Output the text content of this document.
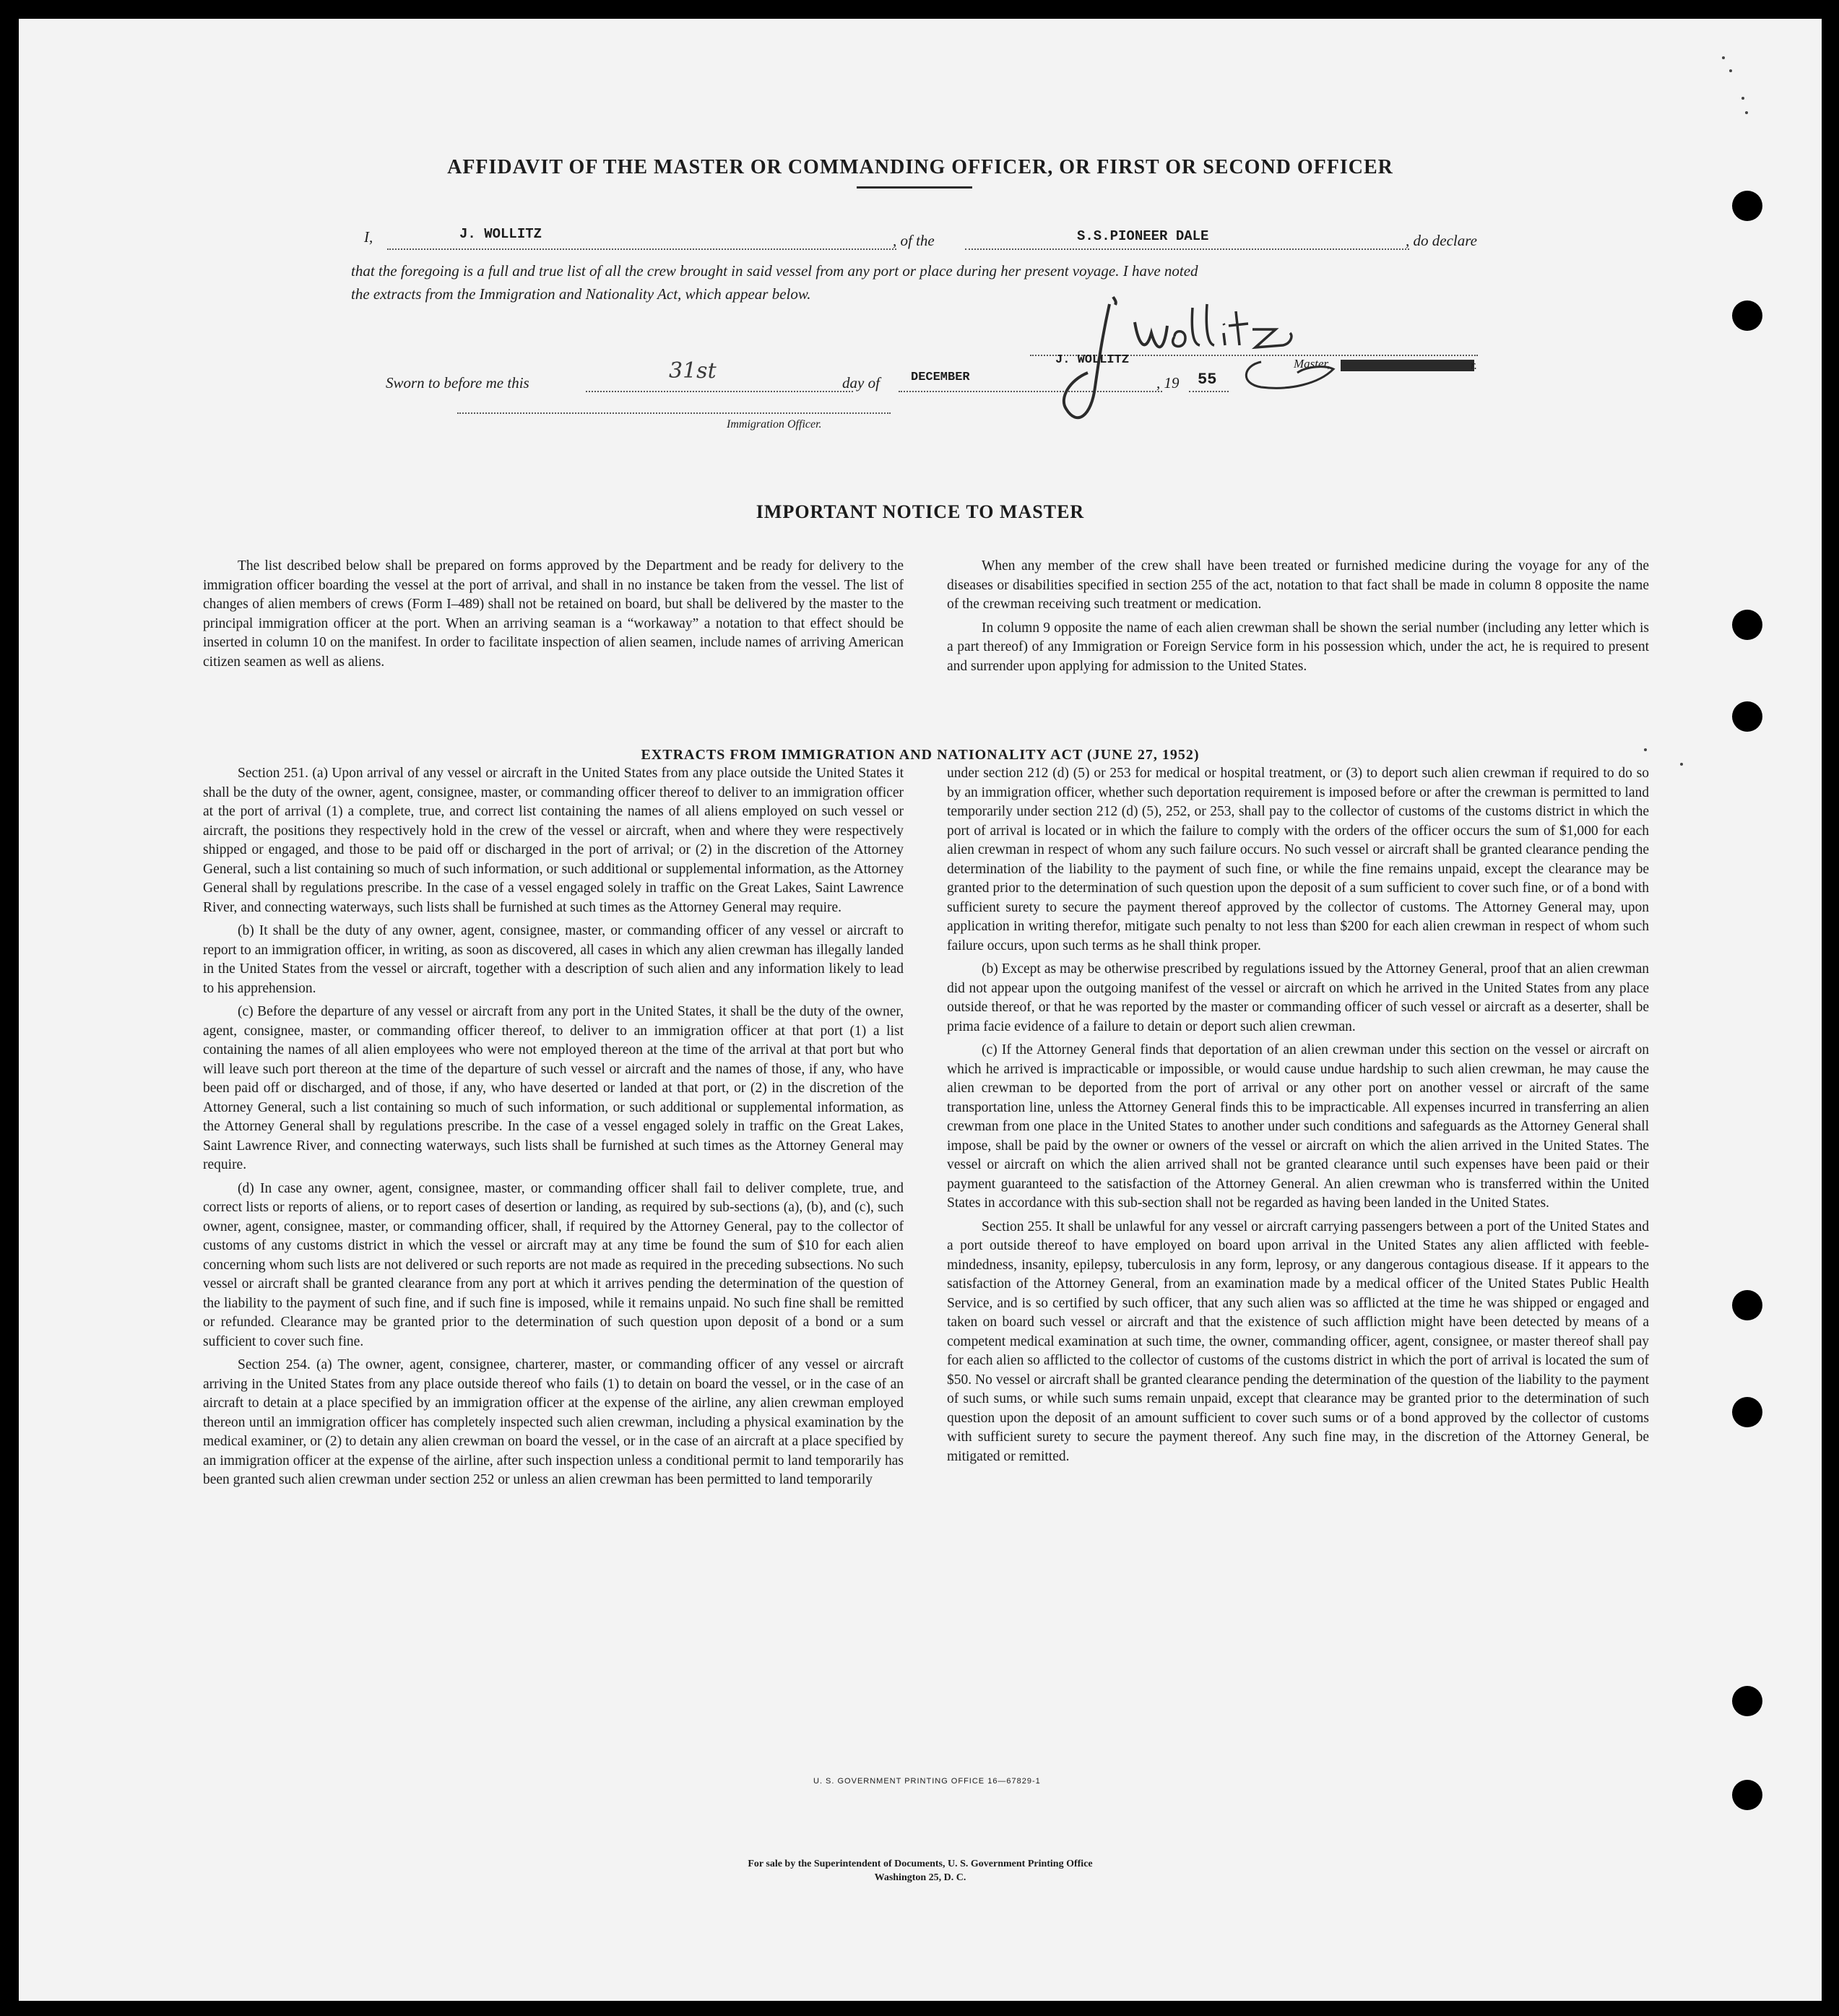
AFFIDAVIT OF THE MASTER OR COMMANDING OFFICER, OR FIRST OR SECOND OFFICER
I,	J. WOLLITZ	, of the	S.S.PIONEER DALE	, do declare
that the foregoing is a full and true list of all the crew brought in said vessel from any port or place during her present voyage. I have noted
the extracts from the Immigration and Nationality Act, which appear below.
Sworn to before me this	31st	day of	DECEMBER	, 19 55
J. WOLLITZ	Master,	r.
Immigration Officer.
IMPORTANT NOTICE TO MASTER

The list described below shall be prepared on forms approved by the Department and be ready for delivery to the immigration officer boarding the vessel at the port of arrival, and shall in no instance be taken from the vessel. The list of changes of alien members of crews (Form I–489) shall not be retained on board, but shall be delivered by the master to the principal immigration officer at the port. When an arriving seaman is a “workaway” a notation to that effect should be inserted in column 10 on the manifest. In order to facilitate inspection of alien seamen, include names of arriving American citizen seamen as well as aliens.

When any member of the crew shall have been treated or furnished medicine during the voyage for any of the diseases or disabilities specified in section 255 of the act, notation to that fact shall be made in column 8 opposite the name of the crewman receiving such treatment or medication.

In column 9 opposite the name of each alien crewman shall be shown the serial number (including any letter which is a part thereof) of any Immigration or Foreign Service form in his possession which, under the act, he is required to present and surrender upon applying for admission to the United States.

EXTRACTS FROM IMMIGRATION AND NATIONALITY ACT (JUNE 27, 1952)

Section 251. (a) Upon arrival of any vessel or aircraft in the United States from any place outside the United States it shall be the duty of the owner, agent, consignee, master, or commanding officer thereof to deliver to an immigration officer at the port of arrival (1) a complete, true, and correct list containing the names of all aliens employed on such vessel or aircraft, the positions they respectively hold in the crew of the vessel or aircraft, when and where they were respectively shipped or engaged, and those to be paid off or discharged in the port of arrival; or (2) in the discretion of the Attorney General, such a list containing so much of such information, or such additional or supplemental information, as the Attorney General shall by regulations prescribe. In the case of a vessel engaged solely in traffic on the Great Lakes, Saint Lawrence River, and connecting waterways, such lists shall be furnished at such times as the Attorney General may require.

(b) It shall be the duty of any owner, agent, consignee, master, or commanding officer of any vessel or aircraft to report to an immigration officer, in writing, as soon as discovered, all cases in which any alien crewman has illegally landed in the United States from the vessel or aircraft, together with a description of such alien and any information likely to lead to his apprehension.

(c) Before the departure of any vessel or aircraft from any port in the United States, it shall be the duty of the owner, agent, consignee, master, or commanding officer thereof, to deliver to an immigration officer at that port (1) a list containing the names of all alien employees who were not employed thereon at the time of the arrival at that port but who will leave such port thereon at the time of the departure of such vessel or aircraft and the names of those, if any, who have been paid off or discharged, and of those, if any, who have deserted or landed at that port, or (2) in the discretion of the Attorney General, such a list containing so much of such information, or such additional or supplemental information, as the Attorney General shall by regulations prescribe. In the case of a vessel engaged solely in traffic on the Great Lakes, Saint Lawrence River, and connecting waterways, such lists shall be furnished at such times as the Attorney General may require.

(d) In case any owner, agent, consignee, master, or commanding officer shall fail to deliver complete, true, and correct lists or reports of aliens, or to report cases of desertion or landing, as required by sub-sections (a), (b), and (c), such owner, agent, consignee, master, or commanding officer, shall, if required by the Attorney General, pay to the collector of customs of any customs district in which the vessel or aircraft may at any time be found the sum of $10 for each alien concerning whom such lists are not delivered or such reports are not made as required in the preceding subsections. No such vessel or aircraft shall be granted clearance from any port at which it arrives pending the determination of the question of the liability to the payment of such fine, and if such fine is imposed, while it remains unpaid. No such fine shall be remitted or refunded. Clearance may be granted prior to the determination of such question upon deposit of a bond or a sum sufficient to cover such fine.

Section 254. (a) The owner, agent, consignee, charterer, master, or commanding officer of any vessel or aircraft arriving in the United States from any place outside thereof who fails (1) to detain on board the vessel, or in the case of an aircraft to detain at a place specified by an immigration officer at the expense of the airline, any alien crewman employed thereon until an immigration officer has completely inspected such alien crewman, including a physical examination by the medical examiner, or (2) to detain any alien crewman on board the vessel, or in the case of an aircraft at a place specified by an immigration officer at the expense of the airline, after such inspection unless a conditional permit to land temporarily has been granted such alien crewman under section 252 or unless an alien crewman has been permitted to land temporarily

under section 212 (d) (5) or 253 for medical or hospital treatment, or (3) to deport such alien crewman if required to do so by an immigration officer, whether such deportation requirement is imposed before or after the crewman is permitted to land temporarily under section 212 (d) (5), 252, or 253, shall pay to the collector of customs of the customs district in which the port of arrival is located or in which the failure to comply with the orders of the officer occurs the sum of $1,000 for each alien crewman in respect of whom any such failure occurs. No such vessel or aircraft shall be granted clearance pending the determination of the liability to the payment of such fine, or while the fine remains unpaid, except the clearance may be granted prior to the determination of such question upon the deposit of a sum sufficient to cover such fine, or of a bond with sufficient surety to secure the payment thereof approved by the collector of customs. The Attorney General may, upon application in writing therefor, mitigate such penalty to not less than $200 for each alien crewman in respect of whom such failure occurs, upon such terms as he shall think proper.

(b) Except as may be otherwise prescribed by regulations issued by the Attorney General, proof that an alien crewman did not appear upon the outgoing manifest of the vessel or aircraft on which he arrived in the United States from any place outside thereof, or that he was reported by the master or commanding officer of such vessel or aircraft as a deserter, shall be prima facie evidence of a failure to detain or deport such alien crewman.

(c) If the Attorney General finds that deportation of an alien crewman under this section on the vessel or aircraft on which he arrived is impracticable or impossible, or would cause undue hardship to such alien crewman, he may cause the alien crewman to be deported from the port of arrival or any other port on another vessel or aircraft of the same transportation line, unless the Attorney General finds this to be impracticable. All expenses incurred in transferring an alien crewman from one place in the United States to another under such conditions and safeguards as the Attorney General shall impose, shall be paid by the owner or owners of the vessel or aircraft on which the alien arrived in the United States. The vessel or aircraft on which the alien arrived shall not be granted clearance until such expenses have been paid or their payment guaranteed to the satisfaction of the Attorney General. An alien crewman who is transferred within the United States in accordance with this sub-section shall not be regarded as having been landed in the United States.

Section 255. It shall be unlawful for any vessel or aircraft carrying passengers between a port of the United States and a port outside thereof to have employed on board upon arrival in the United States any alien afflicted with feeble-mindedness, insanity, epilepsy, tuberculosis in any form, leprosy, or any dangerous contagious disease. If it appears to the satisfaction of the Attorney General, from an examination made by a medical officer of the United States Public Health Service, and is so certified by such officer, that any such alien was so afflicted at the time he was shipped or engaged and taken on board such vessel or aircraft and that the existence of such affliction might have been detected by means of a competent medical examination at such time, the owner, commanding officer, agent, consignee, or master thereof shall pay for each alien so afflicted to the collector of customs of the customs district in which the port of arrival is located the sum of $50. No vessel or aircraft shall be granted clearance pending the determination of the question of the liability to the payment of such sums, or while such sums remain unpaid, except that clearance may be granted prior to the determination of such question upon the deposit of an amount sufficient to cover such sums or of a bond approved by the collector of customs with sufficient surety to secure the payment thereof. Any such fine may, in the discretion of the Attorney General, be mitigated or remitted.

U. S. GOVERNMENT PRINTING OFFICE 16—67829-1
For sale by the Superintendent of Documents, U. S. Government Printing Office
Washington 25, D. C.
